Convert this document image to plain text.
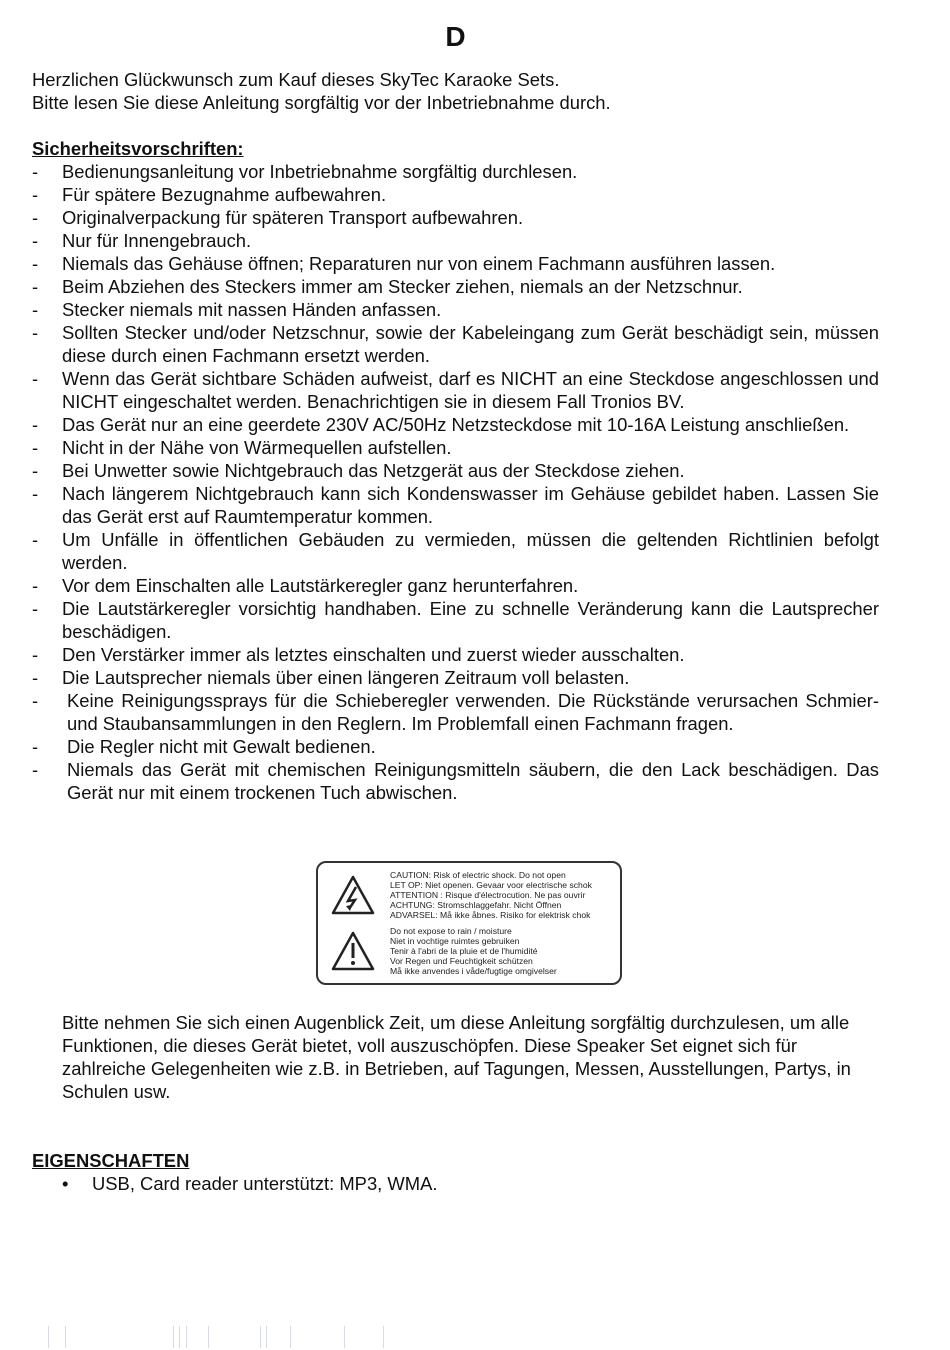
D

Herzlichen Glückwunsch zum Kauf dieses SkyTec Karaoke Sets.

Bitte lesen Sie diese Anleitung sorgfältig vor der Inbetriebnahme durch.

Sicherheitsvorschriften:
- Bedienungsanleitung vor Inbetriebnahme sorgfältig durchlesen.
- Für spätere Bezugnahme aufbewahren.
- Originalverpackung für späteren Transport aufbewahren.
- Nur für Innengebrauch.
- Niemals das Gehäuse öffnen; Reparaturen nur von einem Fachmann ausführen lassen.
- Beim Abziehen des Steckers immer am Stecker ziehen, niemals an der Netzschnur.
- Stecker niemals mit nassen Händen anfassen.
- Sollten Stecker und/oder Netzschnur, sowie der Kabeleingang zum Gerät beschädigt sein, müssen diese durch einen Fachmann ersetzt werden.
- Wenn das Gerät sichtbare Schäden aufweist, darf es NICHT an eine Steckdose angeschlossen und NICHT eingeschaltet werden. Benachrichtigen sie in diesem Fall Tronios BV.
- Das Gerät nur an eine geerdete 230V AC/50Hz Netzsteckdose mit 10-16A Leistung anschließen.
- Nicht in der Nähe von Wärmequellen aufstellen.
- Bei Unwetter sowie Nichtgebrauch das Netzgerät aus der Steckdose ziehen.
- Nach längerem Nichtgebrauch kann sich Kondenswasser im Gehäuse gebildet haben. Lassen Sie das Gerät erst auf Raumtemperatur kommen.
- Um Unfälle in öffentlichen Gebäuden zu vermieden, müssen die geltenden Richtlinien befolgt werden.
- Vor dem Einschalten alle Lautstärkeregler ganz herunterfahren.
- Die Lautstärkeregler vorsichtig handhaben. Eine zu schnelle Veränderung kann die Lautsprecher beschädigen.
- Den Verstärker immer als letztes einschalten und zuerst wieder ausschalten.
- Die Lautsprecher niemals über einen längeren Zeitraum voll belasten.
- Keine Reinigungssprays für die Schieberegler verwenden. Die Rückstände verursachen Schmier- und Staubansammlungen in den Reglern. Im Problemfall einen Fachmann fragen.
- Die Regler nicht mit Gewalt bedienen.
- Niemals das Gerät mit chemischen Reinigungsmitteln säubern, die den Lack beschädigen. Das Gerät nur mit einem trockenen Tuch abwischen.
CAUTION: Risk of electric shock. Do not open
LET OP: Niet openen. Gevaar voor electrische schok
ATTENTION : Risque d'électrocution. Ne pas ouvrir
ACHTUNG: Stromschlaggefahr. Nicht Öffnen
ADVARSEL: Må ikke åbnes. Risiko for elektrisk chok
Do not expose to rain / moisture
Niet in vochtige ruimtes gebruiken
Tenir à l'abri de la pluie et de l'humidité
Vor Regen und Feuchtigkeit schützen
Må ikke anvendes i våde/fugtige omgivelser

Bitte nehmen Sie sich einen Augenblick Zeit, um diese Anleitung sorgfältig durchzulesen, um alle Funktionen, die dieses Gerät bietet, voll auszuschöpfen. Diese Speaker Set eignet sich für zahlreiche Gelegenheiten wie z.B. in Betrieben, auf Tagungen, Messen, Ausstellungen, Partys, in Schulen usw.

EIGENSCHAFTEN
• USB, Card reader unterstützt: MP3, WMA.
